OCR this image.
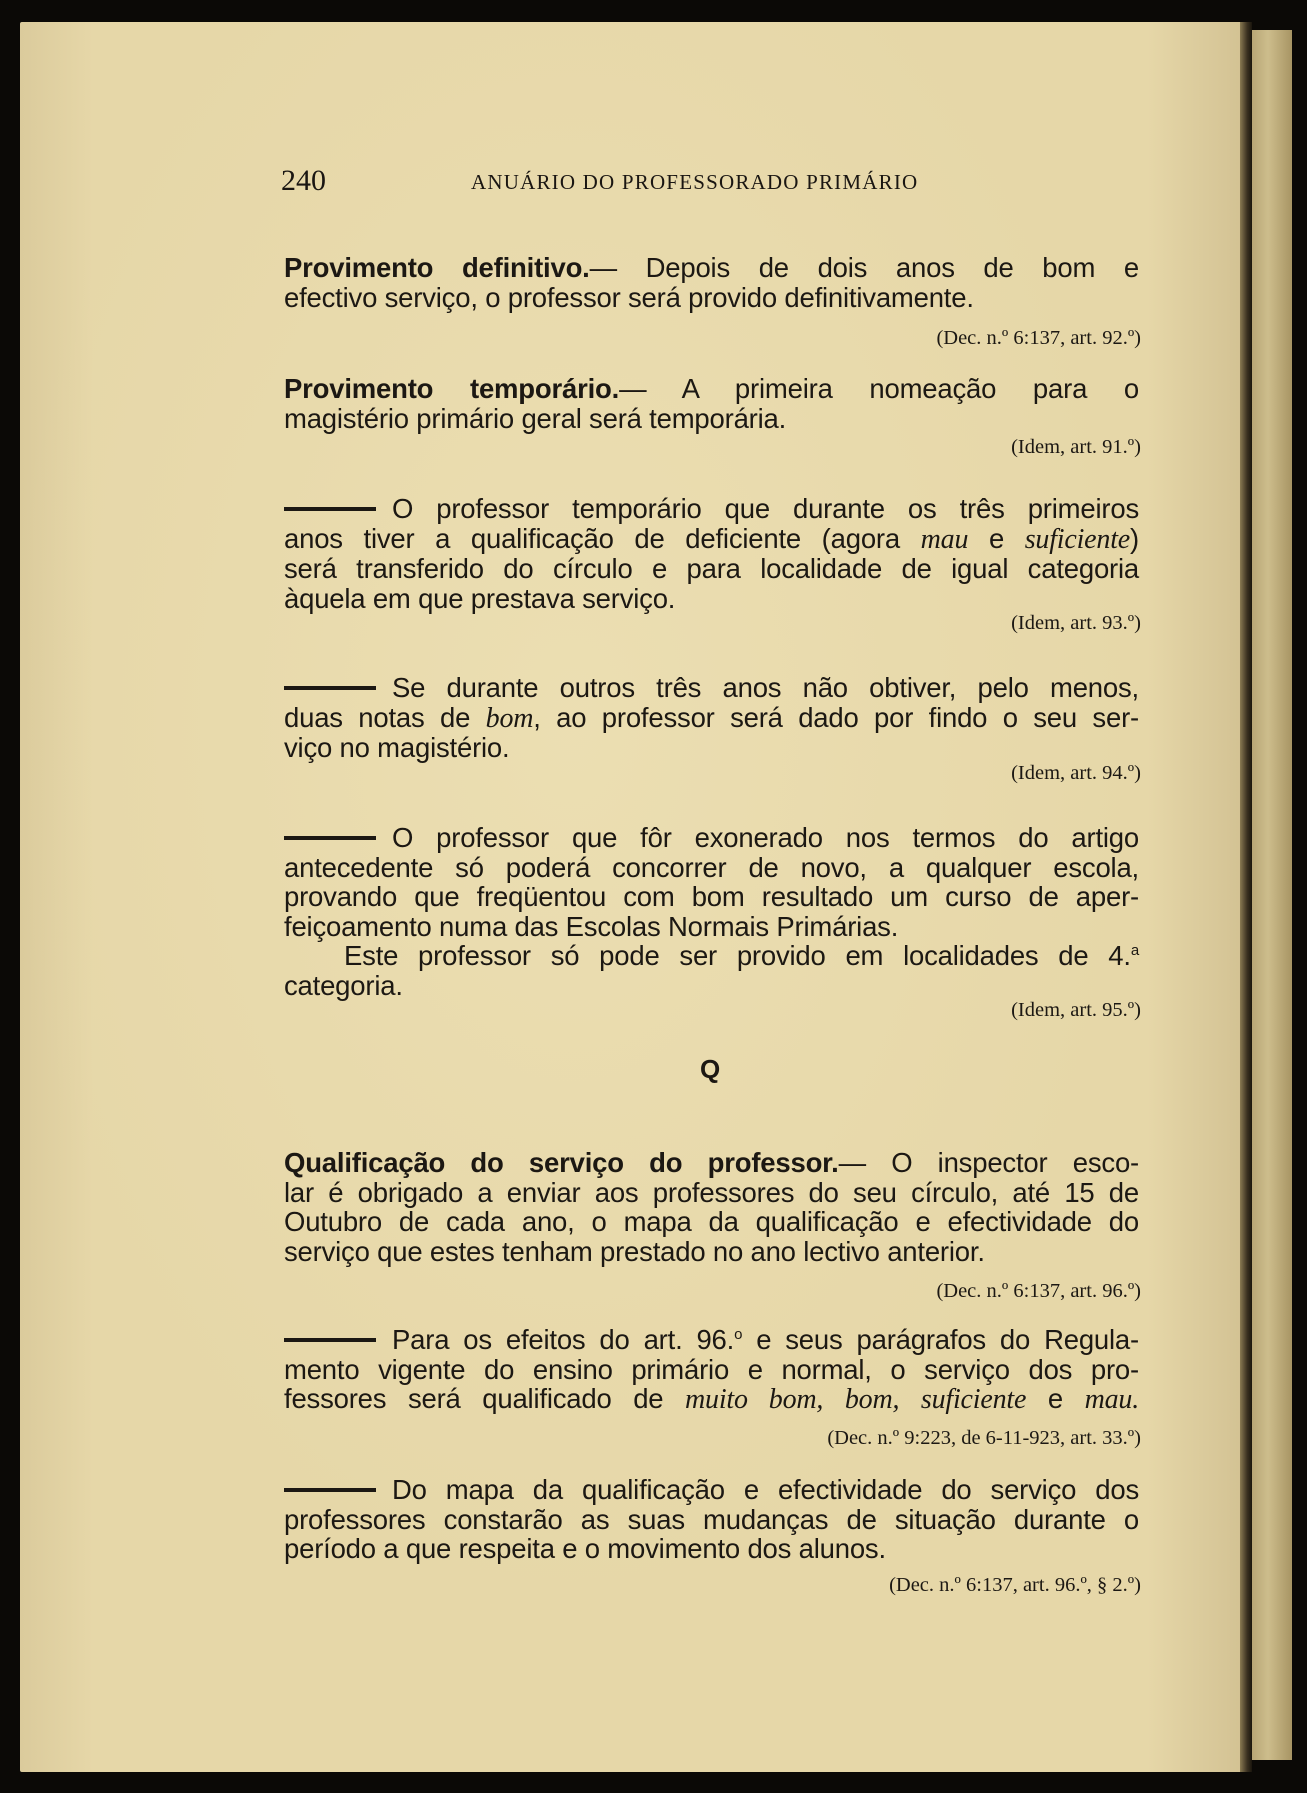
240	ANUÁRIO DO PROFESSORADO PRIMÁRIO
Provimento definitivo.— Depois de dois anos de bom e
efectivo serviço, o professor será provido definitivamente.
(Dec. n.º 6:137, art. 92.º)
Provimento temporário.— A primeira nomeação para o
magistério primário geral será temporária.
(Idem, art. 91.º)
O professor temporário que durante os três primeiros
anos tiver a qualificação de deficiente (agora mau e suficiente)
será transferido do círculo e para localidade de igual categoria
àquela em que prestava serviço.
(Idem, art. 93.º)
Se durante outros três anos não obtiver, pelo menos,
duas notas de bom, ao professor será dado por findo o seu ser-
viço no magistério.
(Idem, art. 94.º)
O professor que fôr exonerado nos termos do artigo
antecedente só poderá concorrer de novo, a qualquer escola,
provando que freqüentou com bom resultado um curso de aper-
feiçoamento numa das Escolas Normais Primárias.
Este professor só pode ser provido em localidades de 4.$^a$
categoria.
(Idem, art. 95.º)
Q
Qualificação do serviço do professor.— O inspector esco-
lar é obrigado a enviar aos professores do seu círculo, até 15 de
Outubro de cada ano, o mapa da qualificação e efectividade do
serviço que estes tenham prestado no ano lectivo anterior.
(Dec. n.º 6:137, art. 96.º)
Para os efeitos do art. 96.$^o$ e seus parágrafos do Regula-
mento vigente do ensino primário e normal, o serviço dos pro-
fessores será qualificado de muito bom, bom, suficiente e mau.
(Dec. n.º 9:223, de 6-11-923, art. 33.º)
Do mapa da qualificação e efectividade do serviço dos
professores constarão as suas mudanças de situação durante o
período a que respeita e o movimento dos alunos.
(Dec. n.º 6:137, art. 96.º, § 2.º)
